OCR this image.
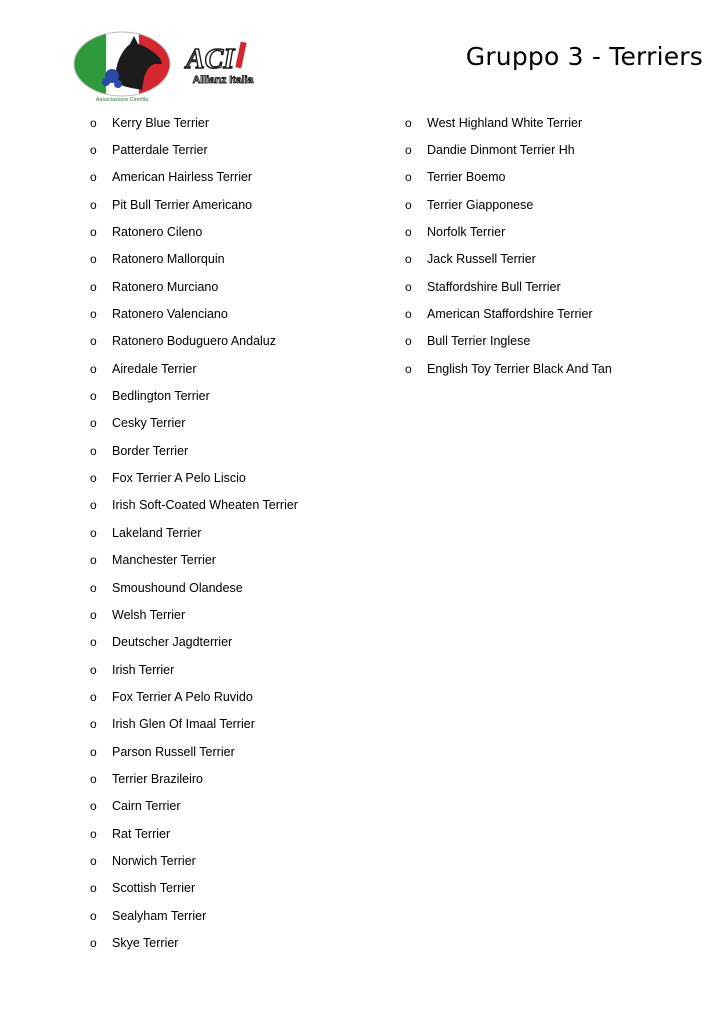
Associazione Cinofila
ACI
Allianz Italia
Gruppo 3 - Terriers
o	Kerry Blue Terrier
o	Patterdale Terrier
o	American Hairless Terrier
o	Pit Bull Terrier Americano
o	Ratonero Cileno
o	Ratonero Mallorquin
o	Ratonero Murciano
o	Ratonero Valenciano
o	Ratonero Boduguero Andaluz
o	Airedale Terrier
o	Bedlington Terrier
o	Cesky Terrier
o	Border Terrier
o	Fox Terrier A Pelo Liscio
o	Irish Soft-Coated Wheaten Terrier
o	Lakeland Terrier
o	Manchester Terrier
o	Smoushound Olandese
o	Welsh Terrier
o	Deutscher Jagdterrier
o	Irish Terrier
o	Fox Terrier A Pelo Ruvido
o	Irish Glen Of Imaal Terrier
o	Parson Russell Terrier
o	Terrier Brazileiro
o	Cairn Terrier
o	Rat Terrier
o	Norwich Terrier
o	Scottish Terrier
o	Sealyham Terrier
o	Skye Terrier
o	West Highland White Terrier
o	Dandie Dinmont Terrier Hh
o	Terrier Boemo
o	Terrier Giapponese
o	Norfolk Terrier
o	Jack Russell Terrier
o	Staffordshire Bull Terrier
o	American Staffordshire Terrier
o	Bull Terrier Inglese
o	English Toy Terrier Black And Tan
